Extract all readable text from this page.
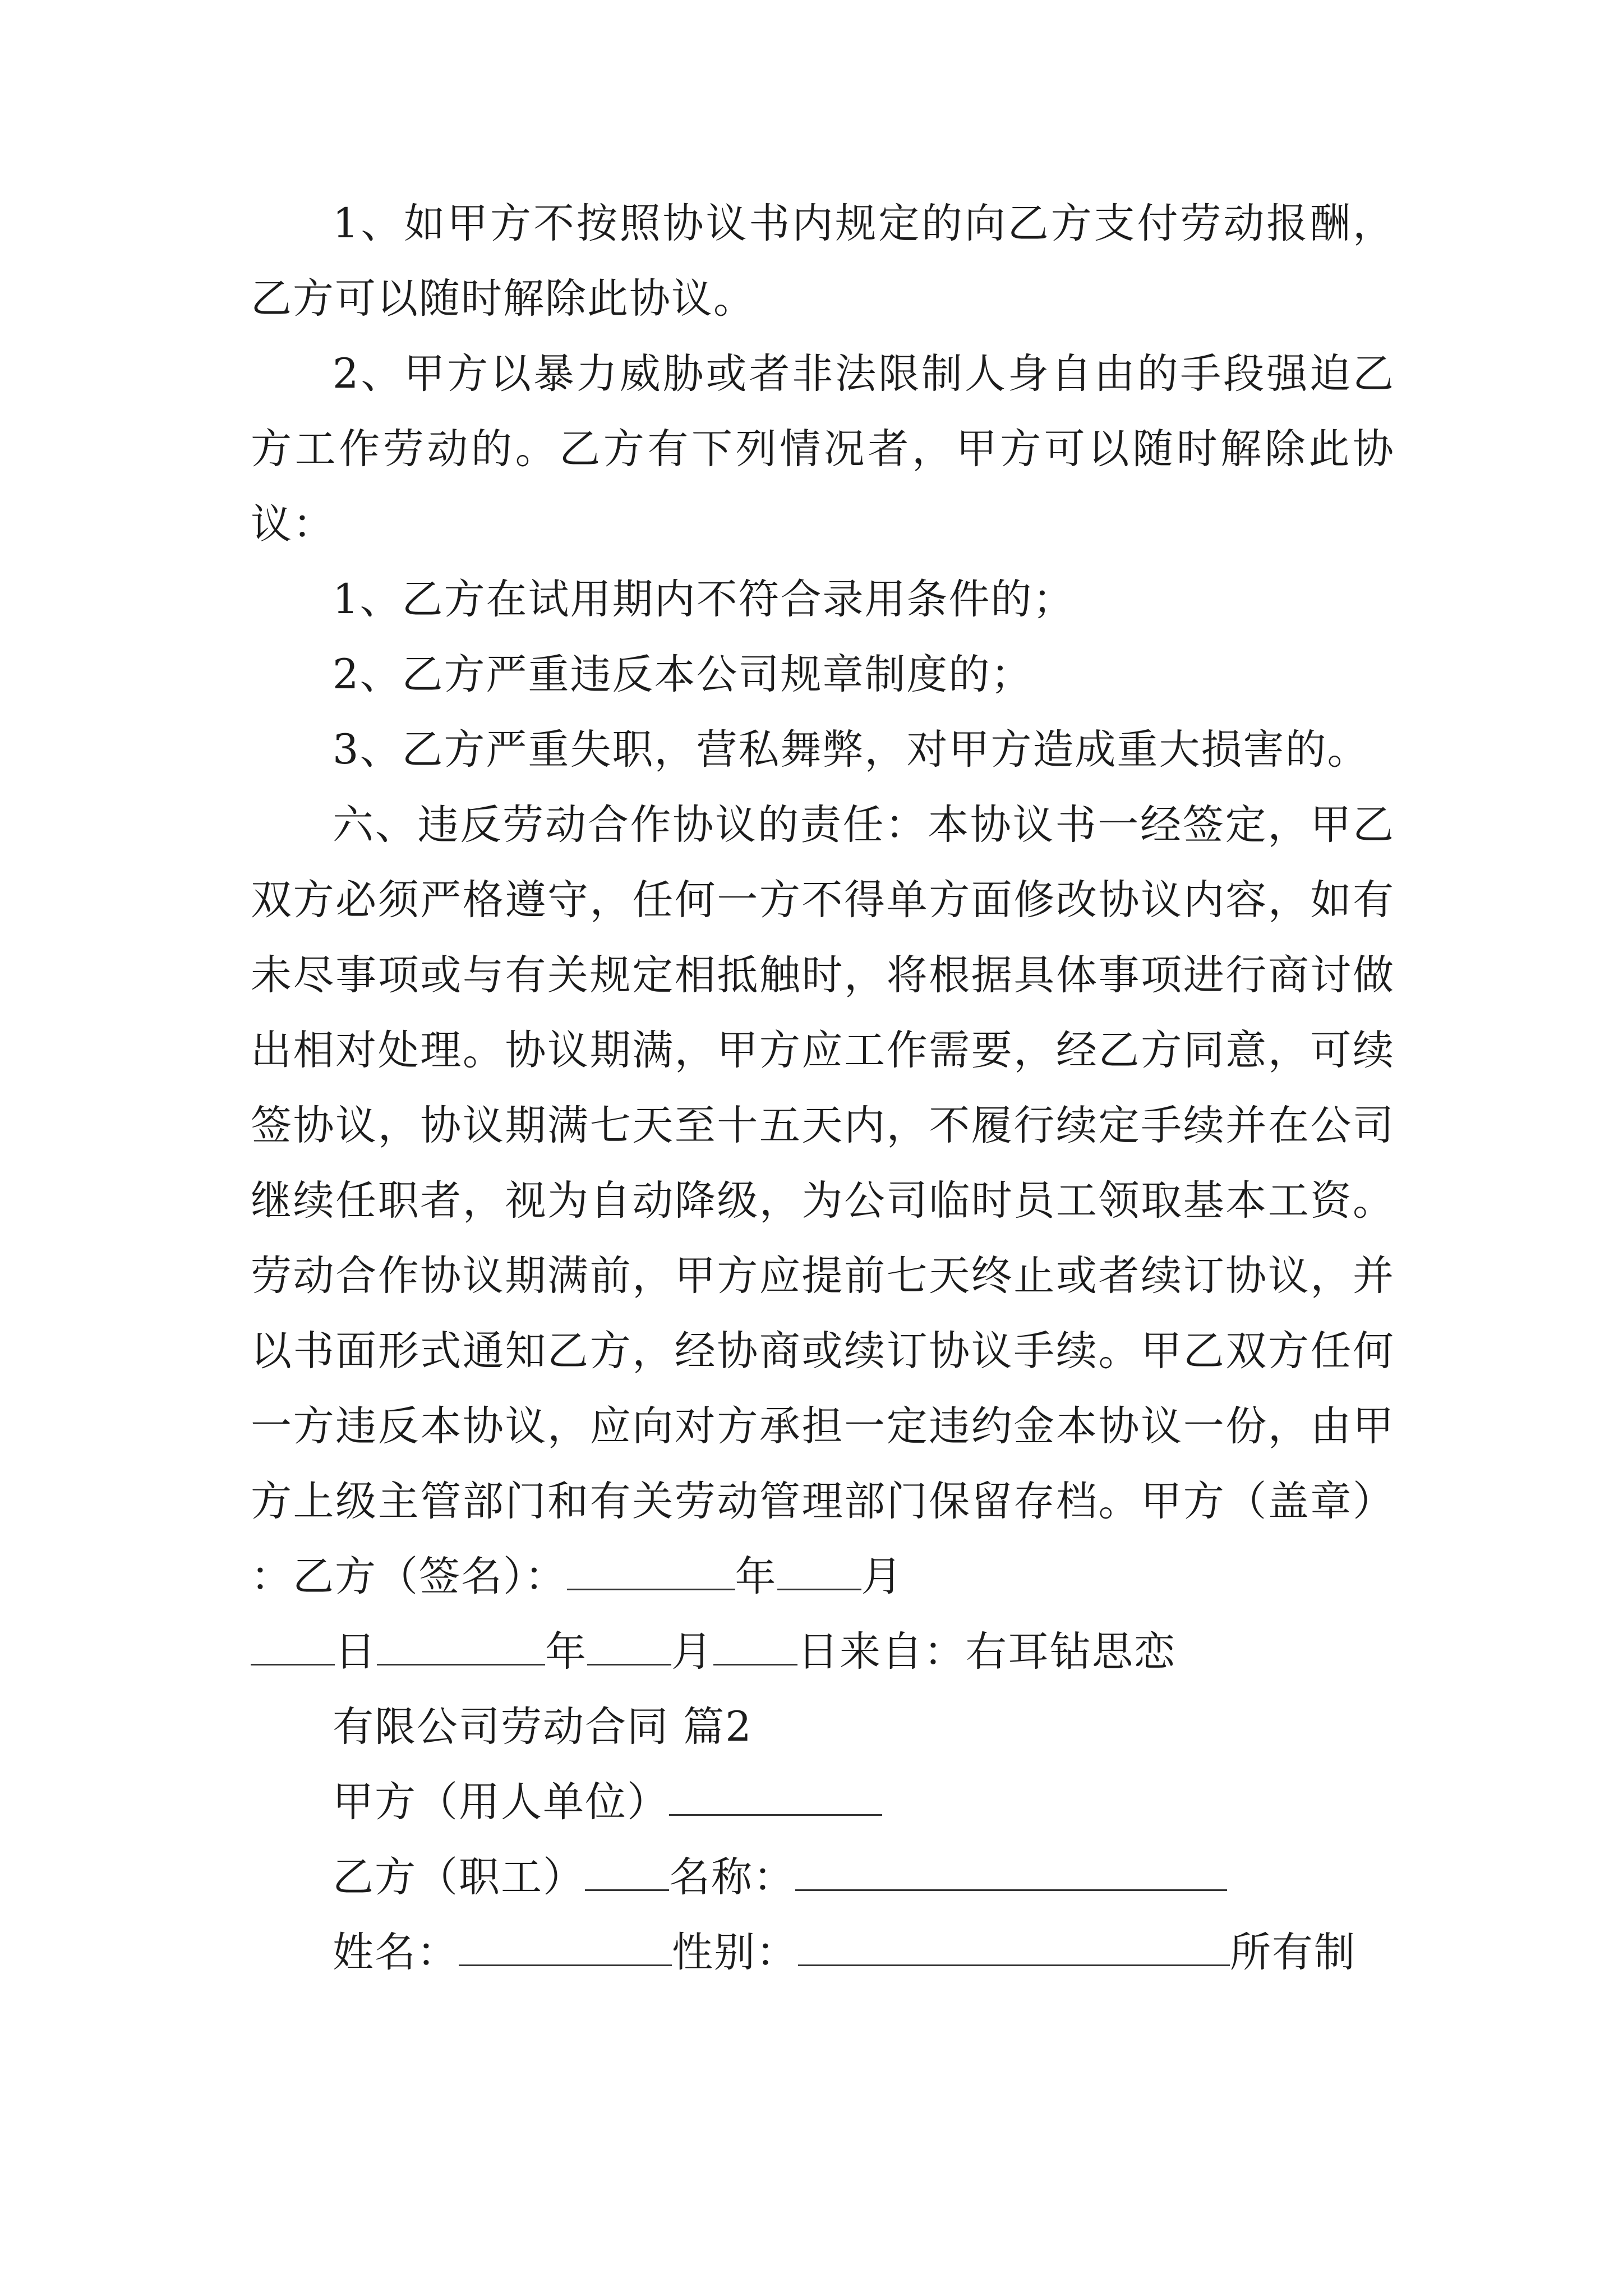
1、如甲方不按照协议书内规定的向乙方支付劳动报酬，乙方可以随时解除此协议。

2、甲方以暴力威胁或者非法限制人身自由的手段强迫乙方工作劳动的。乙方有下列情况者，甲方可以随时解除此协议：

1、乙方在试用期内不符合录用条件的；

2、乙方严重违反本公司规章制度的；

3、乙方严重失职，营私舞弊，对甲方造成重大损害的。

六、违反劳动合作协议的责任：本协议书一经签定，甲乙双方必须严格遵守，任何一方不得单方面修改协议内容，如有未尽事项或与有关规定相抵触时，将根据具体事项进行商讨做出相对处理。协议期满，甲方应工作需要，经乙方同意，可续签协议，协议期满七天至十五天内，不履行续定手续并在公司继续任职者，视为自动降级，为公司临时员工领取基本工资。劳动合作协议期满前，甲方应提前七天终止或者续订协议，并以书面形式通知乙方，经协商或续订协议手续。甲乙双方任何一方违反本协议，应向对方承担一定违约金本协议一份，由甲方上级主管部门和有关劳动管理部门保留存档。甲方（盖章） ：乙方（签名）：	年 月

日	年 月 日来自：右耳钻思恋

有限公司劳动合同 篇2

甲方（用人单位）

乙方（职工） 名称：

姓名：	性别：	所有制
